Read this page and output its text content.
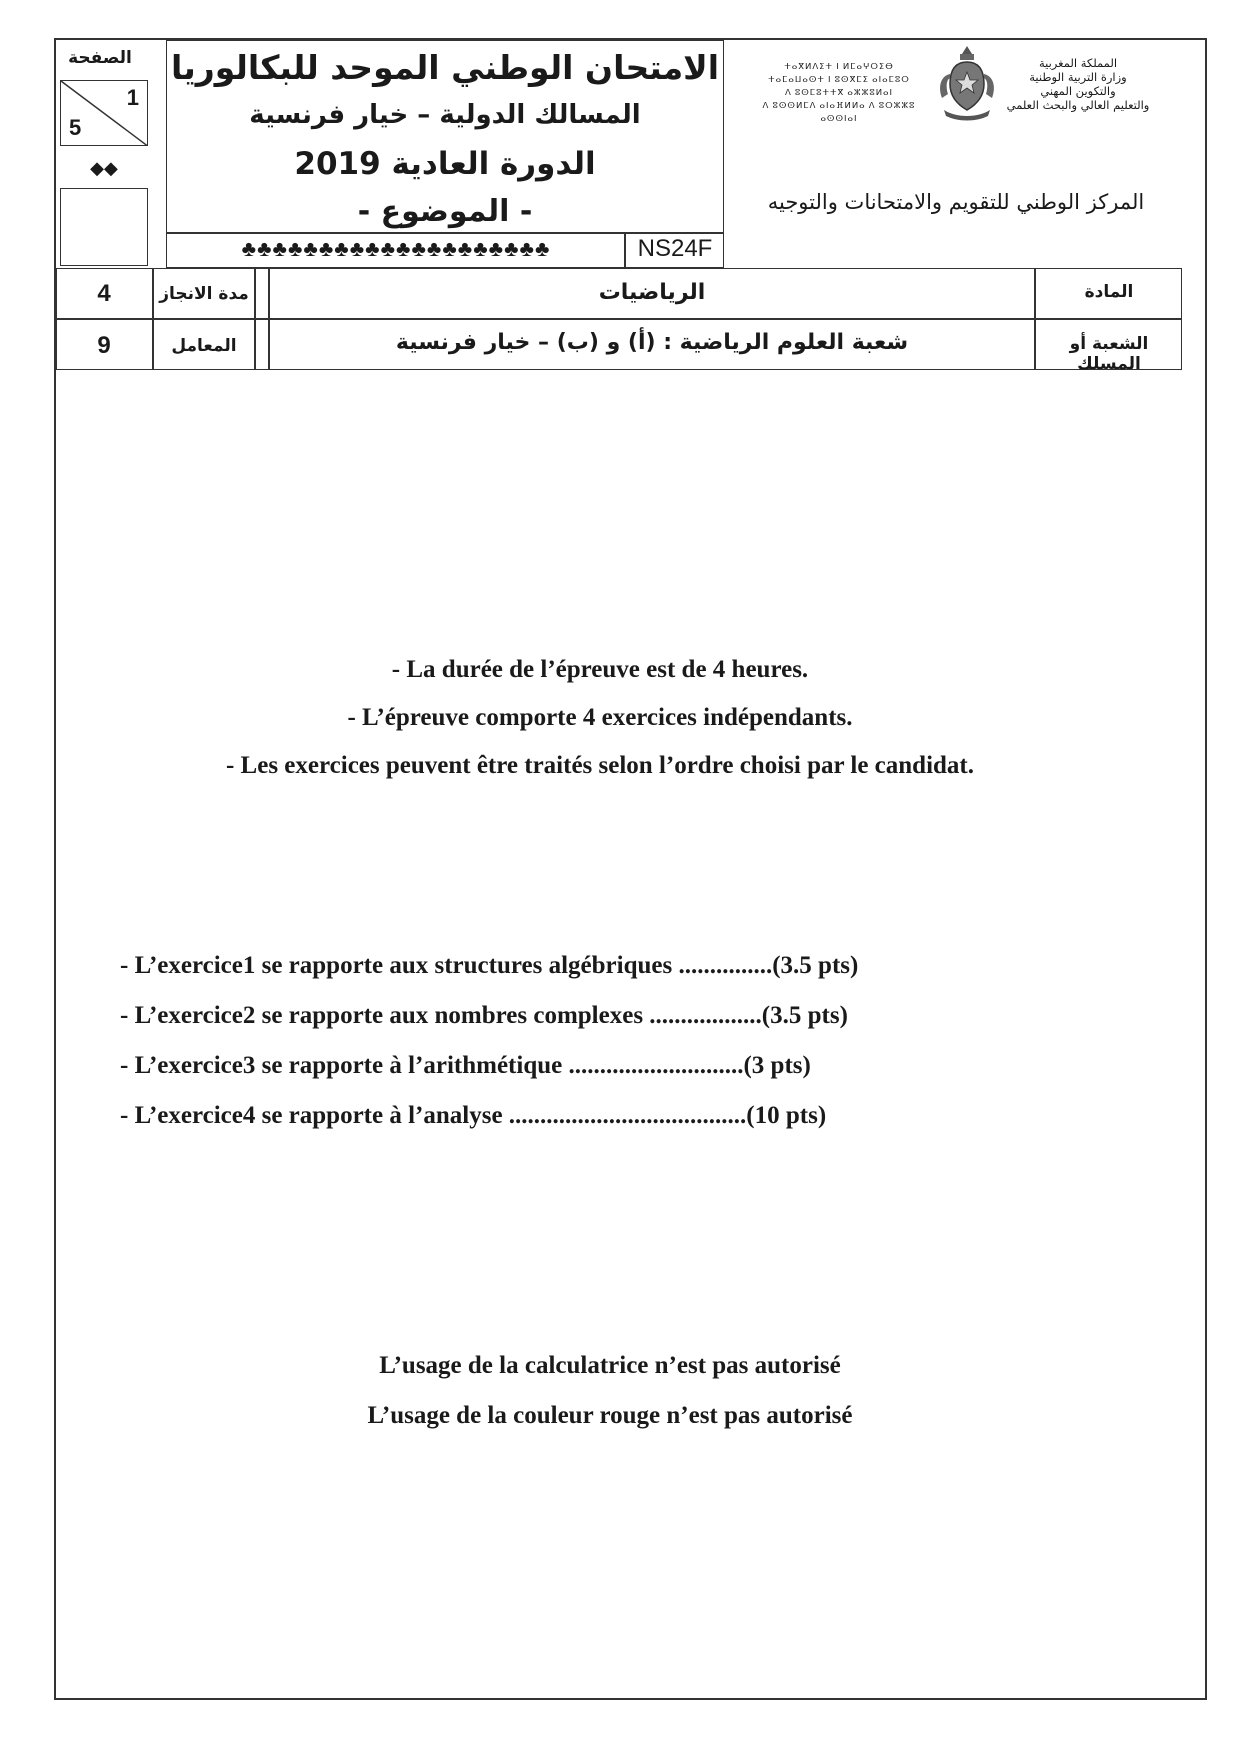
الصفحة
1
5
◆◆
الامتحان الوطني الموحد للبكالوريا
المسالك الدولية – خيار فرنسية
الدورة العادية 2019
- الموضوع -
♣♣♣♣♣♣♣♣♣♣♣♣♣♣♣♣♣♣♣♣	NS24F
ⵜⴰⴳⵍⴷⵉⵜ ⵏ ⵍⵎⴰⵖⵔⵉⴱ
ⵜⴰⵎⴰⵡⴰⵙⵜ ⵏ ⵓⵙⴳⵎⵉ ⴰⵏⴰⵎⵓⵔ
ⴷ ⵓⵙⵎⵓⵜⵜⴳ ⴰⵣⵣⵓⵍⴰⵏ
ⴷ ⵓⵙⵙⵍⵎⴷ ⴰⵏⴰⴼⵍⵍⴰ ⴷ ⵓⵔⵣⵣⵓ ⴰⵙⵙⵏⴰⵏ
المملكة المغربية
وزارة التربية الوطنية
والتكوين المهني
والتعليم العالي والبحث العلمي
المركز الوطني للتقويم والامتحانات والتوجيه
4	مدة الانجاز	الرياضيات	المادة
9	المعامل	شعبة العلوم الرياضية : (أ) و (ب) – خيار فرنسية	الشعبة أو المسلك
- La durée de l’épreuve est de 4 heures.
- L’épreuve comporte 4 exercices indépendants.
- Les exercices peuvent être traités selon l’ordre choisi par le candidat.
- L’exercice1 se rapporte aux structures algébriques ...............(3.5 pts)
- L’exercice2 se rapporte aux nombres complexes ..................(3.5 pts)
- L’exercice3 se rapporte à l’arithmétique ............................(3 pts)
- L’exercice4 se rapporte à l’analyse ......................................(10 pts)
L’usage de la calculatrice n’est pas autorisé
L’usage de la couleur rouge n’est pas autorisé
